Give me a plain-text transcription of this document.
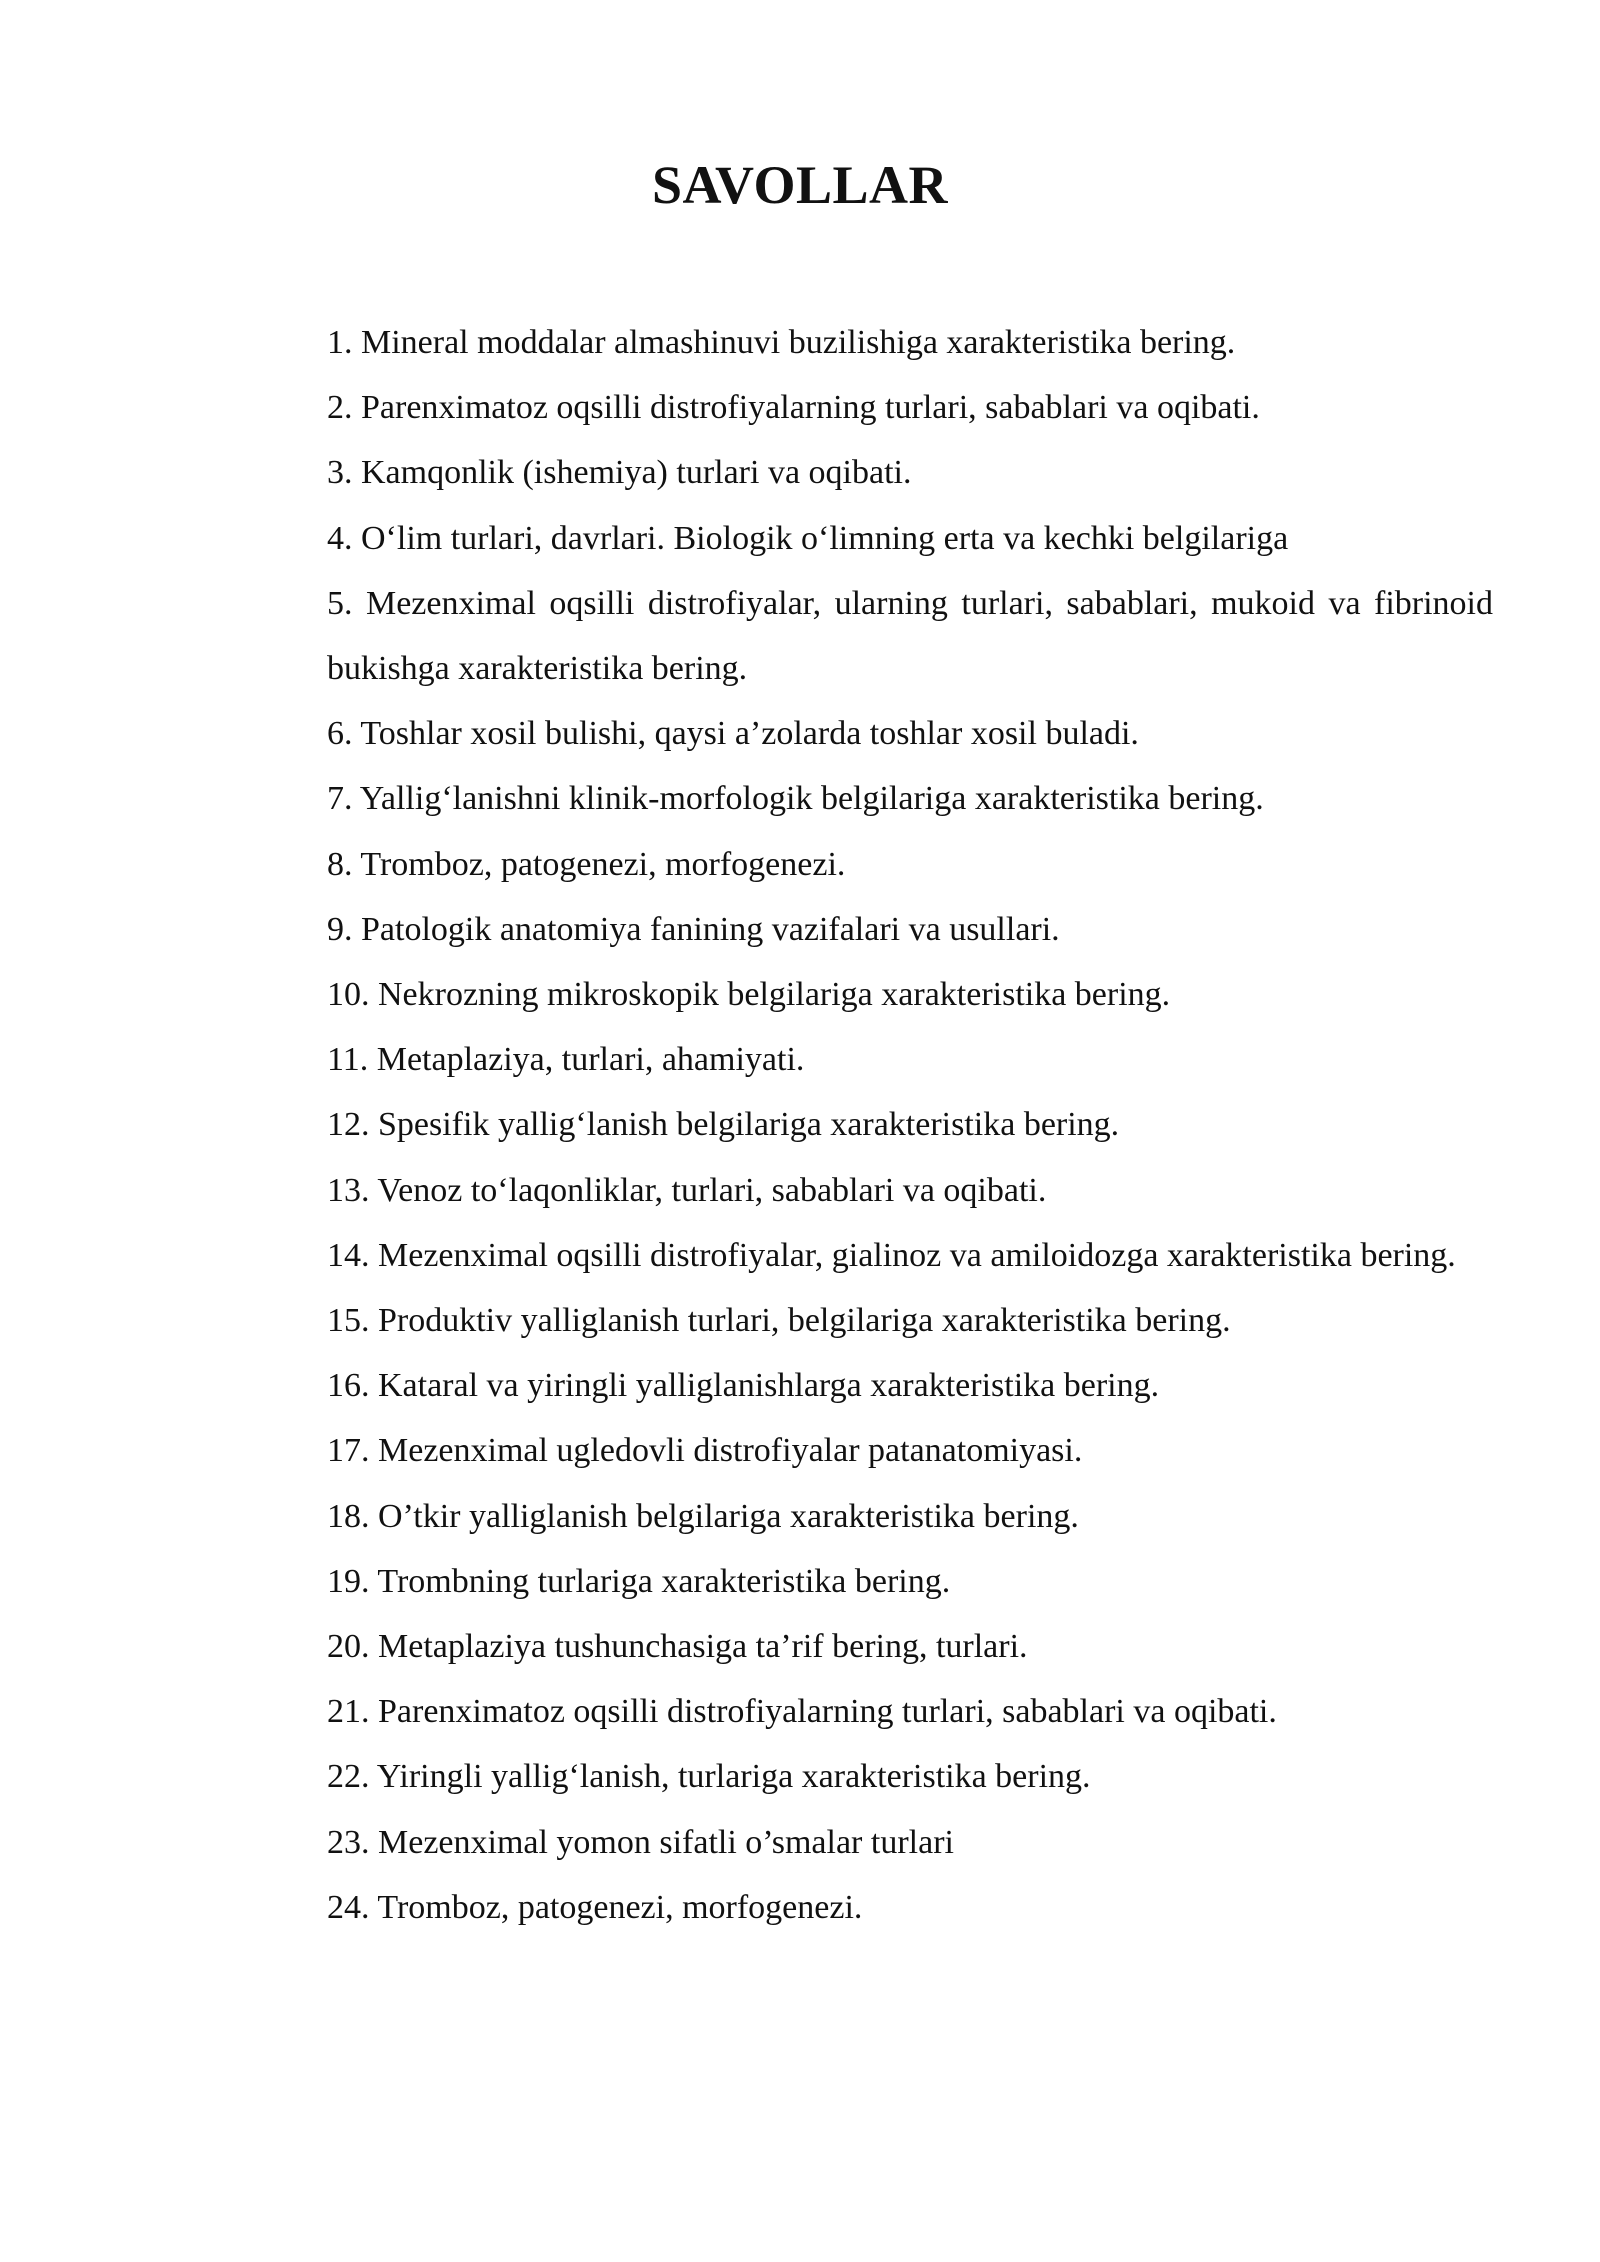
SAVOLLAR
1. Mineral moddalar almashinuvi buzilishiga xarakteristika bering.
2. Parenximatoz oqsilli distrofiyalarning turlari, sabablari va oqibati.
3. Kamqonlik (ishemiya) turlari va oqibati.
4. O‘lim turlari, davrlari. Biologik o‘limning erta va kechki belgilariga
5. Mezenximal oqsilli distrofiyalar, ularning turlari, sabablari, mukoid va fibrinoid bukishga xarakteristika bering.
6. Toshlar xosil bulishi, qaysi a’zolarda toshlar xosil buladi.
7. Yallig‘lanishni klinik-morfologik belgilariga xarakteristika bering.
8. Tromboz, patogenezi, morfogenezi.
9. Patologik anatomiya fanining vazifalari va usullari.
10. Nekrozning mikroskopik belgilariga xarakteristika bering.
11. Metaplaziya, turlari, ahamiyati.
12. Spesifik yallig‘lanish belgilariga xarakteristika bering.
13. Venoz to‘laqonliklar, turlari, sabablari va oqibati.
14. Mezenximal oqsilli distrofiyalar, gialinoz va amiloidozga xarakteristika bering.
15. Produktiv yalliglanish turlari, belgilariga xarakteristika bering.
16. Kataral va yiringli yalliglanishlarga xarakteristika bering.
17. Mezenximal ugledovli distrofiyalar patanatomiyasi.
18. O’tkir yalliglanish belgilariga xarakteristika bering.
19. Trombning turlariga xarakteristika bering.
20. Metaplaziya tushunchasiga ta’rif bering, turlari.
21. Parenximatoz oqsilli distrofiyalarning turlari, sabablari va oqibati.
22. Yiringli yallig‘lanish, turlariga xarakteristika bering.
23. Mezenximal yomon sifatli o’smalar turlari
24. Tromboz, patogenezi, morfogenezi.
